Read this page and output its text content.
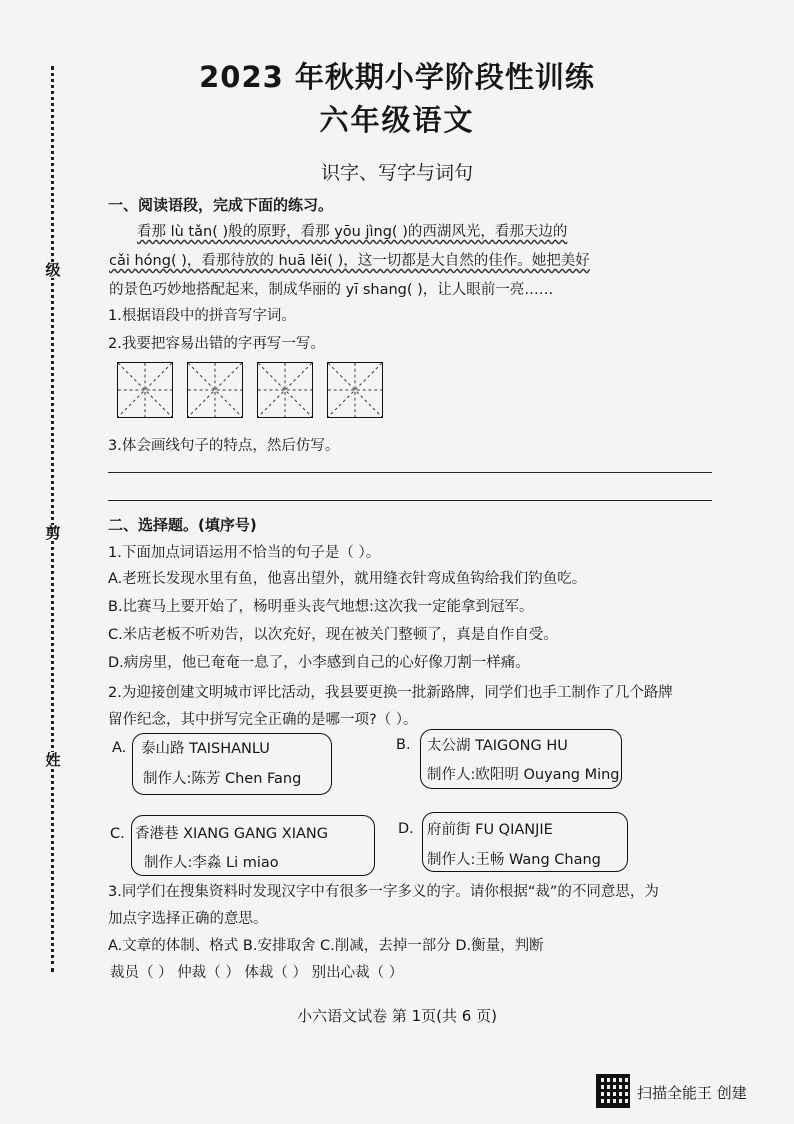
级
剪
姓
2023 年秋期小学阶段性训练
六年级语文
识字、写字与词句
一、阅读语段，完成下面的练习。
看那 lù tǎn( )般的原野，看那 yōu jìng( )的西湖风光，看那天边的
cǎi hóng( )，看那待放的 huā lěi( )，这一切都是大自然的佳作。她把美好
的景色巧妙地搭配起来，制成华丽的 yī shang( )，让人眼前一亮……
1.根据语段中的拼音写字词。
2.我要把容易出错的字再写一写。
3.体会画线句子的特点，然后仿写。
二、选择题。(填序号)
1.下面加点词语运用不恰当的句子是（ ）。
A.老班长发现水里有鱼，他喜出望外，就用缝衣针弯成鱼钩给我们钓鱼吃。
B.比赛马上要开始了，杨明垂头丧气地想:这次我一定能拿到冠军。
C.米店老板不听劝告，以次充好，现在被关门整顿了，真是自作自受。
D.病房里，他已奄奄一息了，小李感到自己的心好像刀割一样痛。
2.为迎接创建文明城市评比活动，我县要更换一批新路牌，同学们也手工制作了几个路牌
留作纪念，其中拼写完全正确的是哪一项?（ ）。
A. 泰山路 TAISHANLU
制作人:陈芳 Chen Fang
B. 太公湖 TAIGONG HU
制作人:欧阳明 Ouyang Ming
C. 香港巷 XIANG GANG XIANG
制作人:李淼 Li miao
D. 府前街 FU QIANJIE
制作人:王畅 Wang Chang
3.同学们在搜集资料时发现汉字中有很多一字多义的字。请你根据“裁”的不同意思，为
加点字选择正确的意思。
A.文章的体制、格式 B.安排取舍 C.削减，去掉一部分 D.衡量，判断
裁员（ ） 仲裁（ ） 体裁（ ） 别出心裁（ ）
小六语文试卷 第 1页(共 6 页)
扫描全能王 创建
